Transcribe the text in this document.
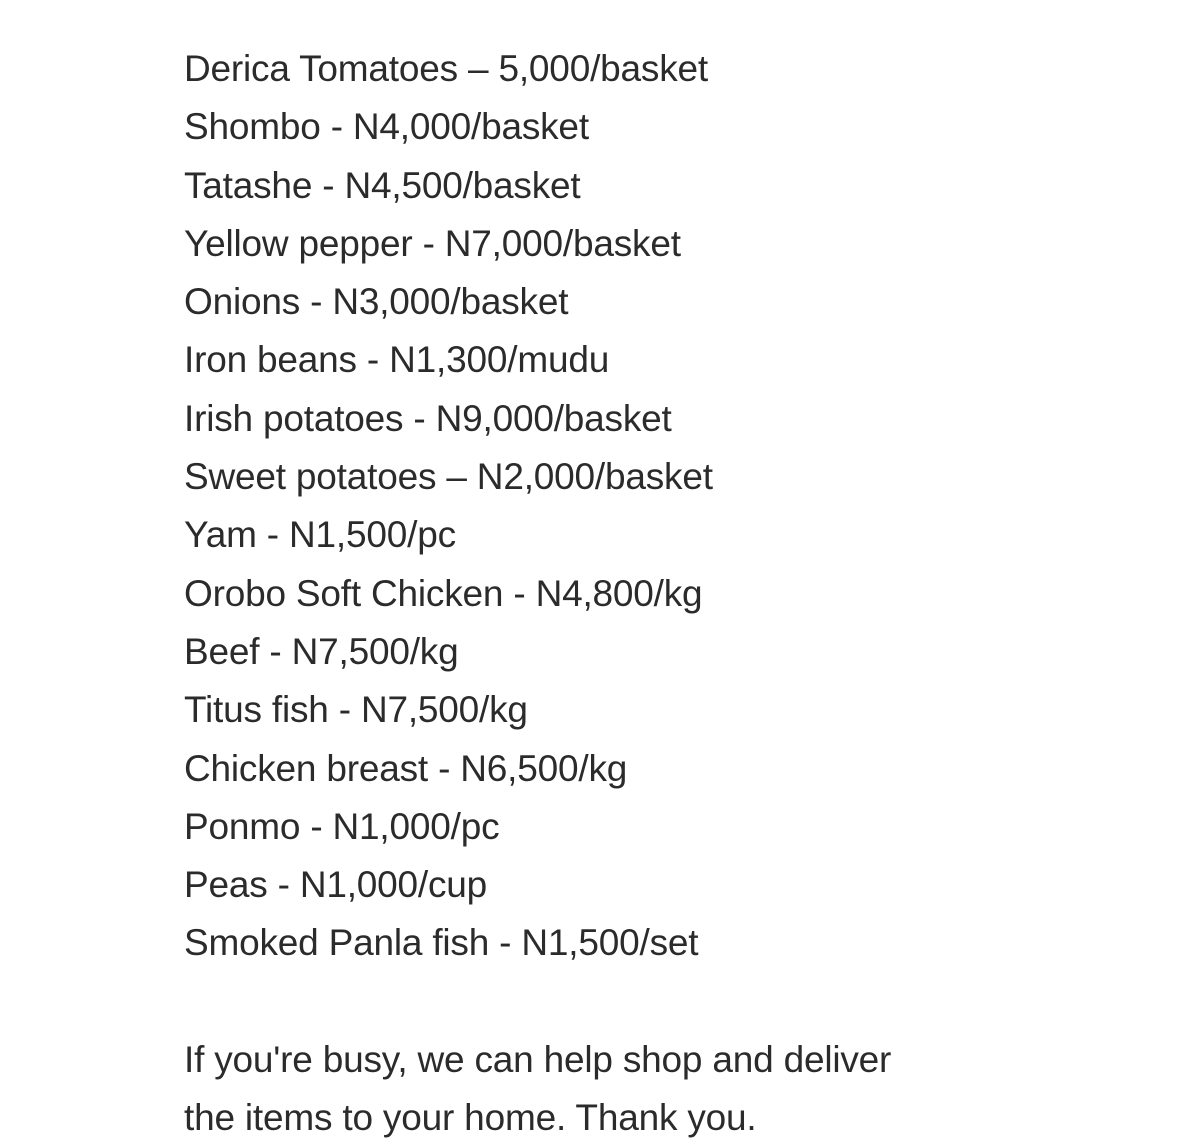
Derica Tomatoes – 5,000/basket
Shombo - N4,000/basket
Tatashe - N4,500/basket
Yellow pepper - N7,000/basket
Onions - N3,000/basket
Iron beans - N1,300/mudu
Irish potatoes - N9,000/basket
Sweet potatoes – N2,000/basket
Yam - N1,500/pc
Orobo Soft Chicken - N4,800/kg
Beef - N7,500/kg
Titus fish - N7,500/kg
Chicken breast - N6,500/kg
Ponmo - N1,000/pc
Peas - N1,000/cup
Smoked Panla fish - N1,500/set
If you're busy, we can help shop and deliver
the items to your home. Thank you.
